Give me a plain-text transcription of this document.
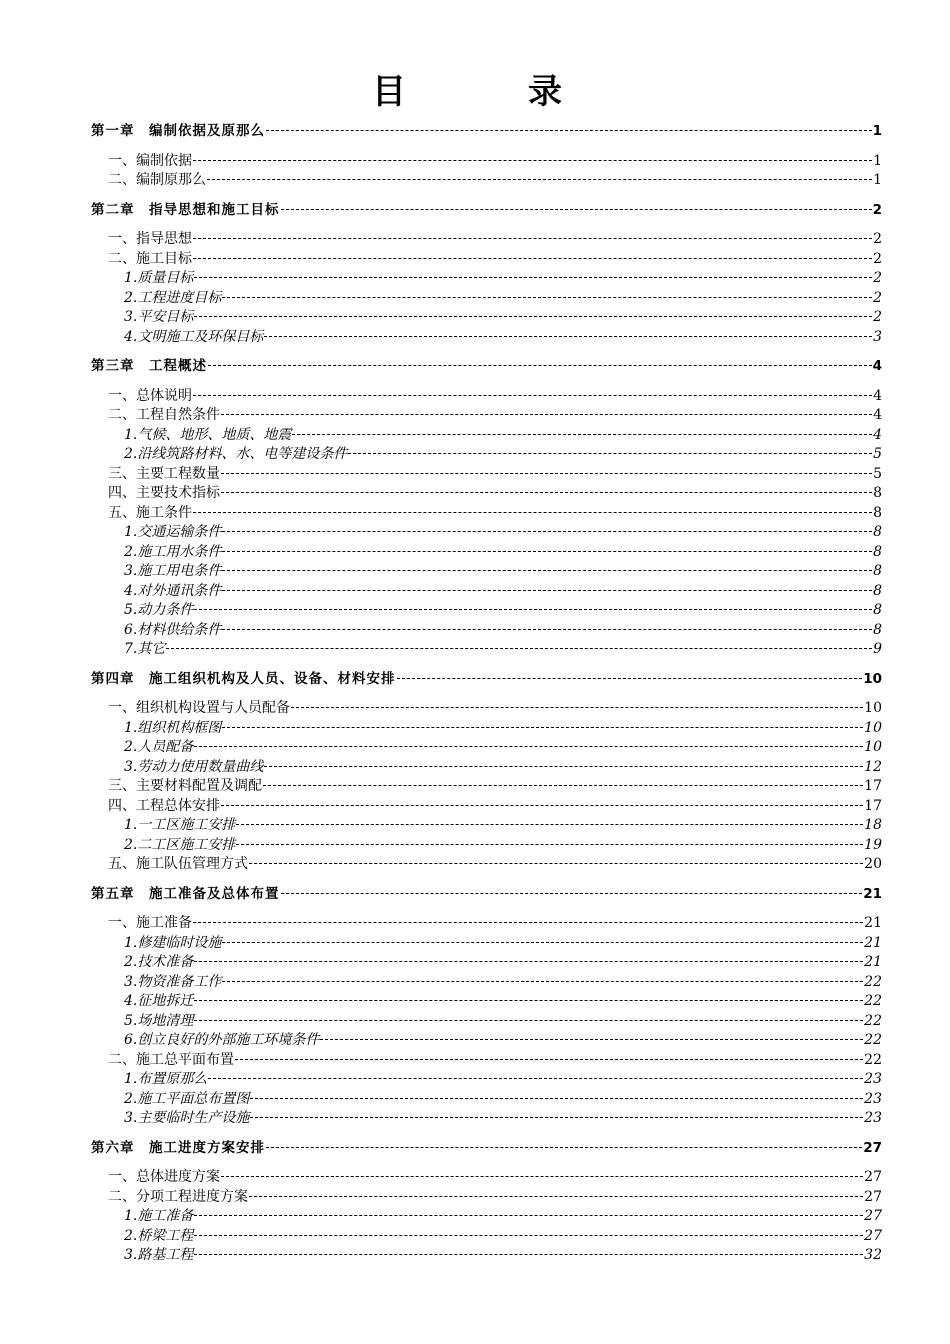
目　录
第一章　编制依据及原那么	1
一、编制依据	1
二、编制原那么	1
第二章　指导思想和施工目标	2
一、指导思想	2
二、施工目标	2
1.质量目标	2
2.工程进度目标	2
3.平安目标	2
4.文明施工及环保目标	3
第三章　工程概述	4
一、总体说明	4
二、工程自然条件	4
1.气候、地形、地质、地震	4
2.沿线筑路材料、水、电等建设条件	5
三、主要工程数量	5
四、主要技术指标	8
五、施工条件	8
1.交通运输条件	8
2.施工用水条件	8
3.施工用电条件	8
4.对外通讯条件	8
5.动力条件	8
6.材料供给条件	8
7.其它	9
第四章　施工组织机构及人员、设备、材料安排	10
一、组织机构设置与人员配备	10
1.组织机构框图	10
2.人员配备	10
3.劳动力使用数量曲线	12
三、主要材料配置及调配	17
四、工程总体安排	17
1.一工区施工安排	18
2.二工区施工安排	19
五、施工队伍管理方式	20
第五章　施工准备及总体布置	21
一、施工准备	21
1.修建临时设施	21
2.技术准备	21
3.物资准备工作	22
4.征地拆迁	22
5.场地清理	22
6.创立良好的外部施工环境条件	22
二、施工总平面布置	22
1.布置原那么	23
2.施工平面总布置图	23
3.主要临时生产设施	23
第六章　施工进度方案安排	27
一、总体进度方案	27
二、分项工程进度方案	27
1.施工准备	27
2.桥梁工程	27
3.路基工程	32
